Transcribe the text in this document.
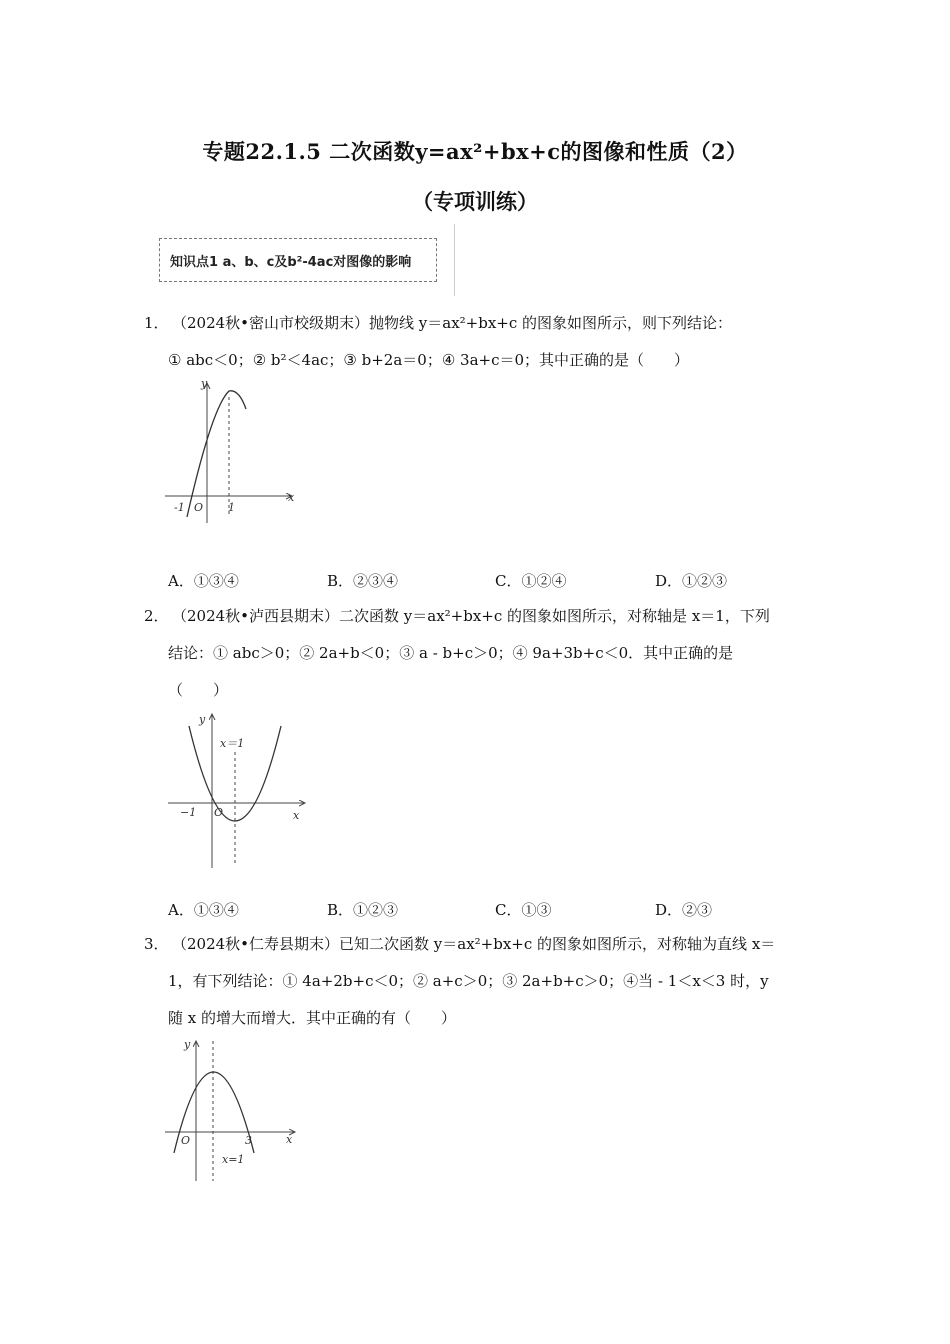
专题22.1.5 二次函数y=ax²+bx+c的图像和性质（2）
（专项训练）
知识点1 a、b、c及b²-4ac对图像的影响
1． （2024秋•密山市校级期末）抛物线 y＝ax²+bx+c 的图象如图所示，则下列结论：
① abc＜0；② b²＜4ac；③ b+2a＝0；④ 3a+c＝0；其中正确的是（　　）
y
x
O
-1	1
A．①③④	B．②③④	C．①②④	D．①②③
2． （2024秋•泸西县期末）二次函数 y＝ax²+bx+c 的图象如图所示，对称轴是 x＝1，下列
结论：① abc＞0；② 2a+b＜0；③ a - b+c＞0；④ 9a+3b+c＜0．其中正确的是
（　　）
y
x
O
−1
x＝1
A．①③④	B．①②③	C．①③	D．②③
3． （2024秋•仁寿县期末）已知二次函数 y＝ax²+bx+c 的图象如图所示，对称轴为直线 x＝
1，有下列结论：① 4a+2b+c＜0；② a+c＞0；③ 2a+b+c＞0；④当 - 1＜x＜3 时，y
随 x 的增大而增大．其中正确的有（　　）
y
x
O	3
x=1
